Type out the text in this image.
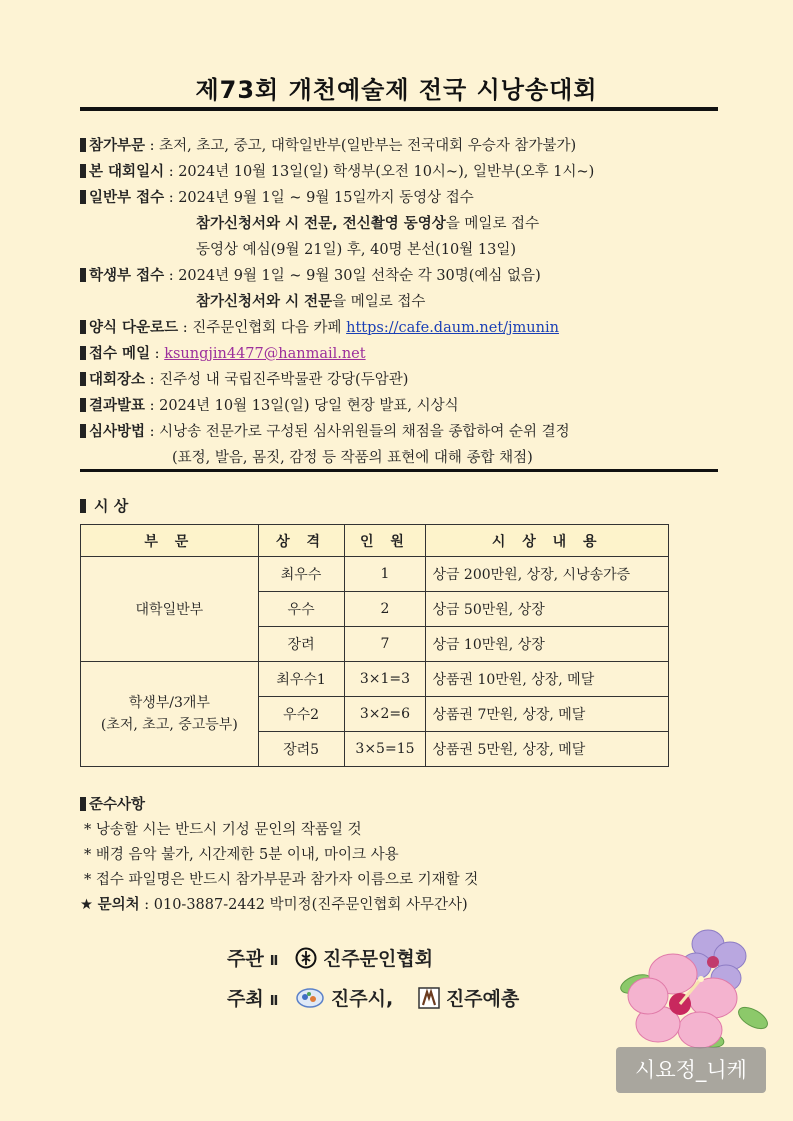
제73회 개천예술제 전국 시낭송대회
참가부문 : 초저, 초고, 중고, 대학일반부(일반부는 전국대회 우승자 참가불가)
본 대회일시 : 2024년 10월 13일(일) 학생부(오전 10시~), 일반부(오후 1시~)
일반부 접수 : 2024년 9월 1일 ~ 9월 15일까지 동영상 접수
참가신청서와 시 전문, 전신촬영 동영상을 메일로 접수
동영상 예심(9월 21일) 후, 40명 본선(10월 13일)
학생부 접수 : 2024년 9월 1일 ~ 9월 30일 선착순 각 30명(예심 없음)
참가신청서와 시 전문을 메일로 접수
양식 다운로드 : 진주문인협회 다음 카페 https://cafe.daum.net/jmunin
접수 메일 : ksungjin4477@hanmail.net
대회장소 : 진주성 내 국립진주박물관 강당(두암관)
결과발표 : 2024년 10월 13일(일) 당일 현장 발표, 시상식
심사방법 : 시낭송 전문가로 구성된 심사위원들의 채점을 종합하여 순위 결정
(표정, 발음, 몸짓, 감정 등 작품의 표현에 대해 종합 채점)
시 상
부 문	상 격	인 원	시 상 내 용
대학일반부	최우수	1	상금 200만원, 상장, 시낭송가증
	우수	2	상금 50만원, 상장
	장려	7	상금 10만원, 상장

학생부/3개부
(초저, 초고, 중고등부)	최우수1	3×1=3	상품권 10만원, 상장, 메달
	우수2	3×2=6	상품권 7만원, 상장, 메달
	장려5	3×5=15	상품권 5만원, 상장, 메달
준수사항
* 낭송할 시는 반드시 기성 문인의 작품일 것
* 배경 음악 불가, 시간제한 5분 이내, 마이크 사용
* 접수 파일명은 반드시 참가부문과 참가자 이름으로 기재할 것
★ 문의처 : 010-3887-2442 박미정(진주문인협회 사무간사)
주관 Ⅱ 진주문인협회
주최 Ⅱ	진주시,	진주예총
시요정_니케
